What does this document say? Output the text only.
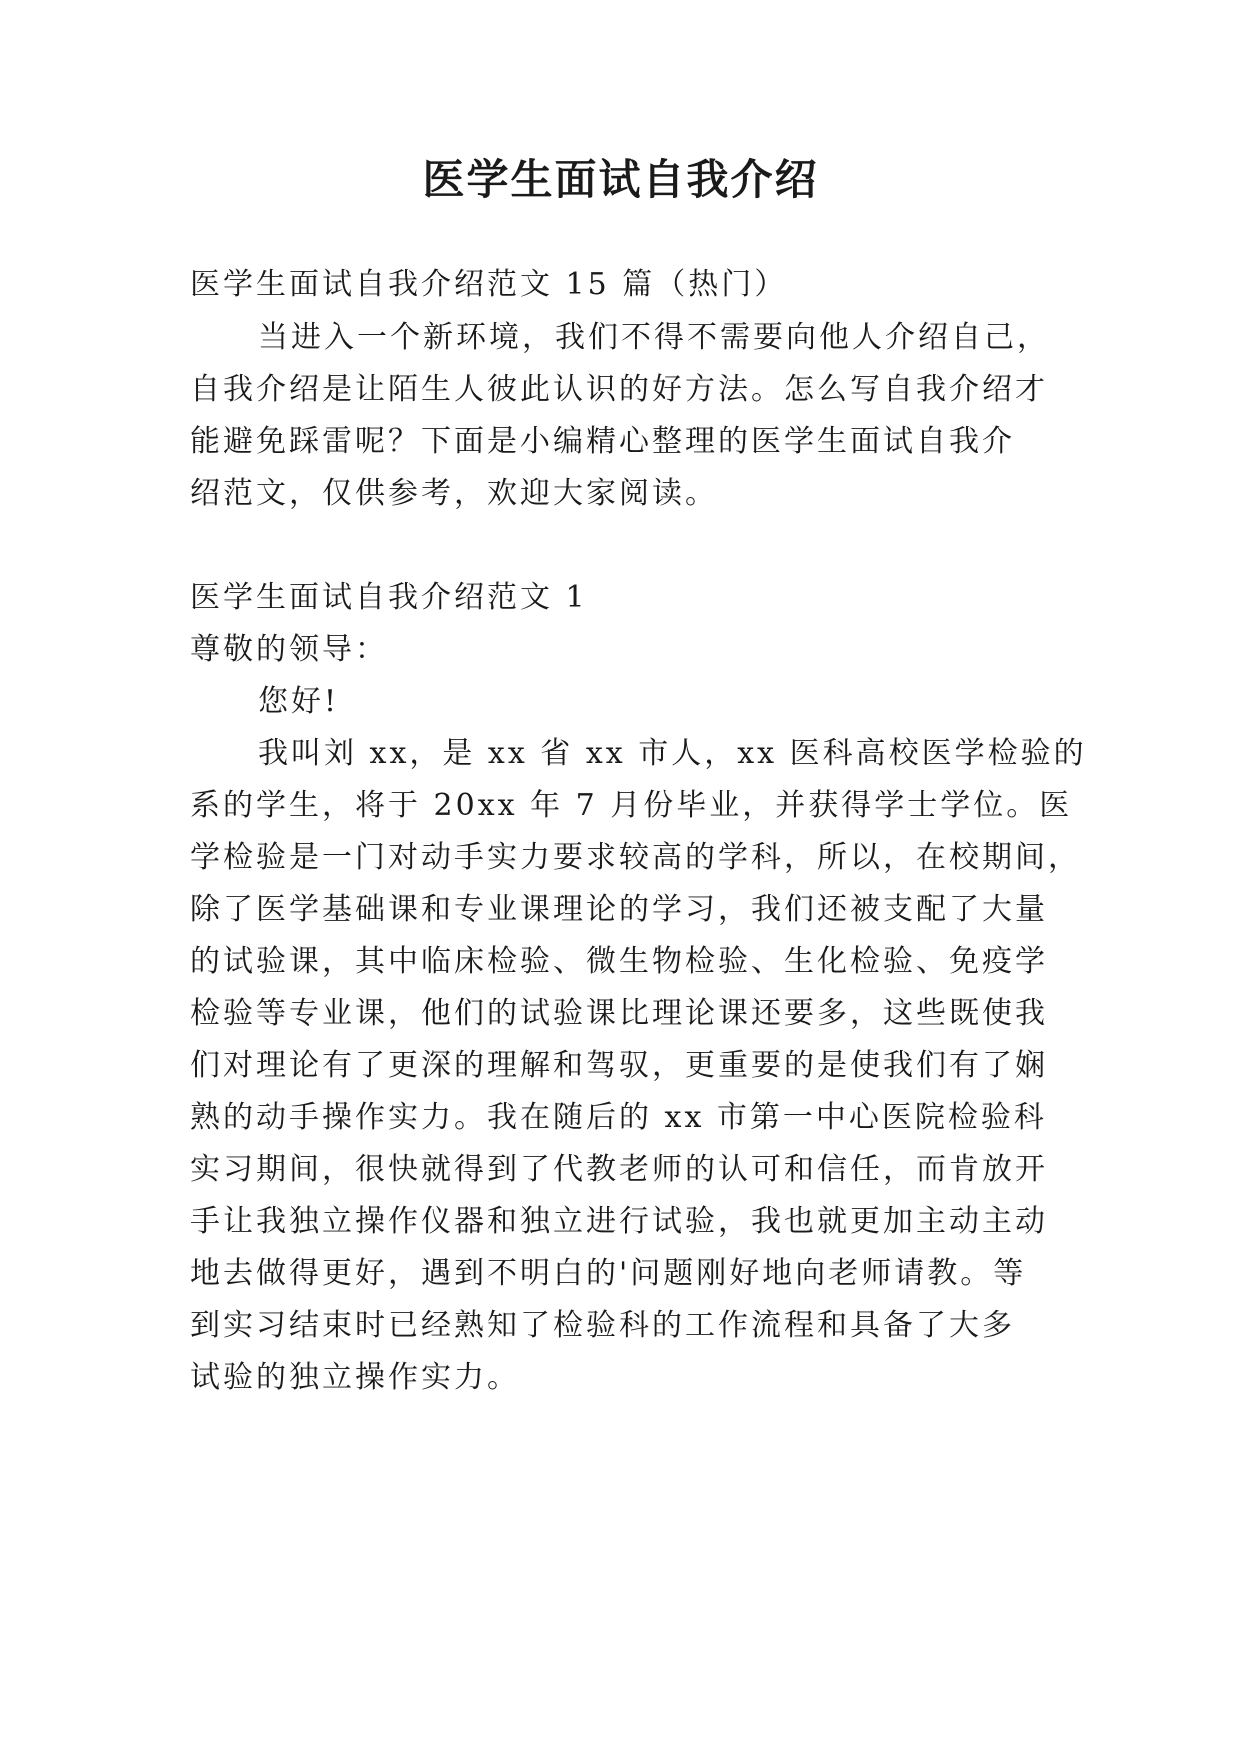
医学生面试自我介绍
医学生面试自我介绍范文 15 篇（热门）
当进入一个新环境，我们不得不需要向他人介绍自己，
自我介绍是让陌生人彼此认识的好方法。怎么写自我介绍才
能避免踩雷呢？下面是小编精心整理的医学生面试自我介
绍范文，仅供参考，欢迎大家阅读。
医学生面试自我介绍范文 1
尊敬的领导：
您好!
我叫刘 xx，是 xx 省 xx 市人，xx 医科高校医学检验的
系的学生，将于 20xx 年 7 月份毕业，并获得学士学位。医
学检验是一门对动手实力要求较高的学科，所以，在校期间，
除了医学基础课和专业课理论的学习，我们还被支配了大量
的试验课，其中临床检验、微生物检验、生化检验、免疫学
检验等专业课，他们的试验课比理论课还要多，这些既使我
们对理论有了更深的理解和驾驭，更重要的是使我们有了娴
熟的动手操作实力。我在随后的 xx 市第一中心医院检验科
实习期间，很快就得到了代教老师的认可和信任，而肯放开
手让我独立操作仪器和独立进行试验，我也就更加主动主动
地去做得更好，遇到不明白的'问题刚好地向老师请教。等
到实习结束时已经熟知了检验科的工作流程和具备了大多
试验的独立操作实力。
